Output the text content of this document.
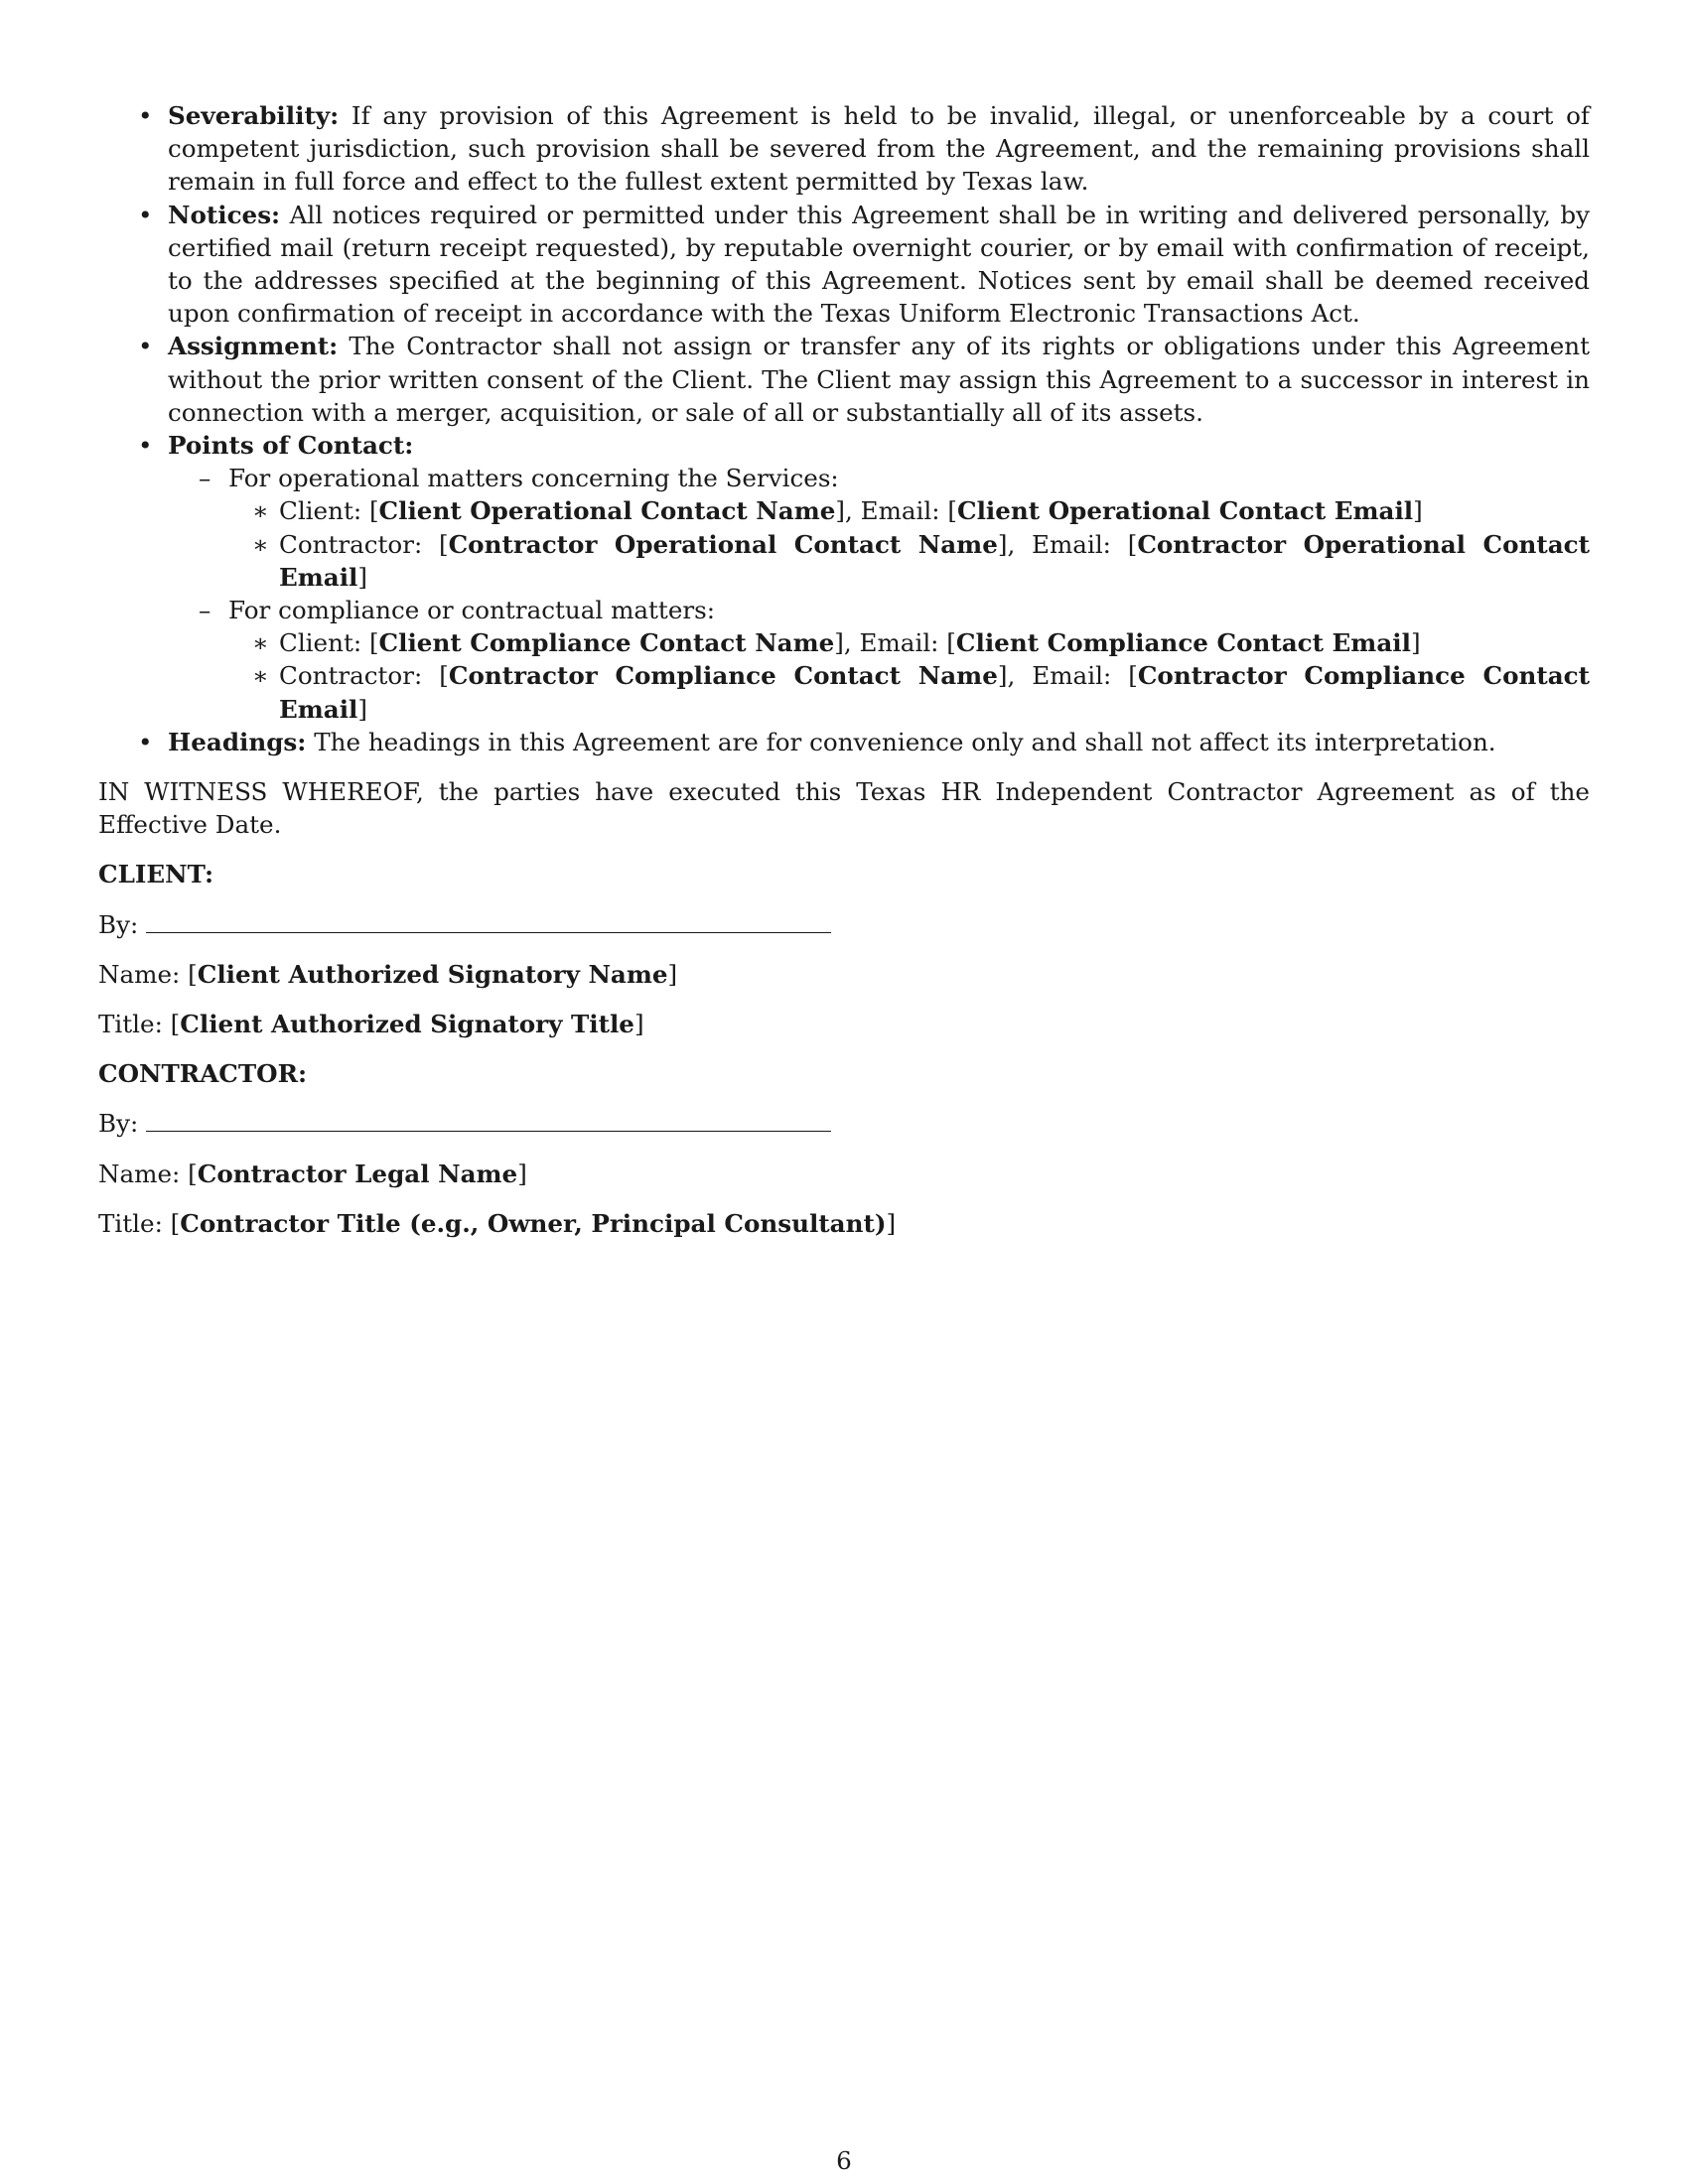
• Severability: If any provision of this Agreement is held to be invalid, illegal, or unenforceable by a court of competent jurisdiction, such provision shall be severed from the Agreement, and the remaining provisions shall remain in full force and effect to the fullest extent permitted by Texas law.
• Notices: All notices required or permitted under this Agreement shall be in writing and delivered personally, by certified mail (return receipt requested), by reputable overnight courier, or by email with confirmation of receipt, to the addresses specified at the beginning of this Agreement. Notices sent by email shall be deemed received upon confirmation of receipt in accordance with the Texas Uniform Electronic Transactions Act.
• Assignment: The Contractor shall not assign or transfer any of its rights or obligations under this Agreement without the prior written consent of the Client. The Client may assign this Agreement to a successor in interest in connection with a merger, acquisition, or sale of all or substantially all of its assets.
• Points of Contact:
– For operational matters concerning the Services:
∗ Client: [Client Operational Contact Name], Email: [Client Operational Contact Email]
∗ Contractor: [Contractor Operational Contact Name], Email: [Contractor Operational Contact Email]
– For compliance or contractual matters:
∗ Client: [Client Compliance Contact Name], Email: [Client Compliance Contact Email]
∗ Contractor: [Contractor Compliance Contact Name], Email: [Contractor Compliance Contact Email]
• Headings: The headings in this Agreement are for convenience only and shall not affect its interpretation.
IN WITNESS WHEREOF, the parties have executed this Texas HR Independent Contractor Agreement as of the Effective Date.
CLIENT:
By:
Name: [Client Authorized Signatory Name]
Title: [Client Authorized Signatory Title]
CONTRACTOR:
By:
Name: [Contractor Legal Name]
Title: [Contractor Title (e.g., Owner, Principal Consultant)]
6
